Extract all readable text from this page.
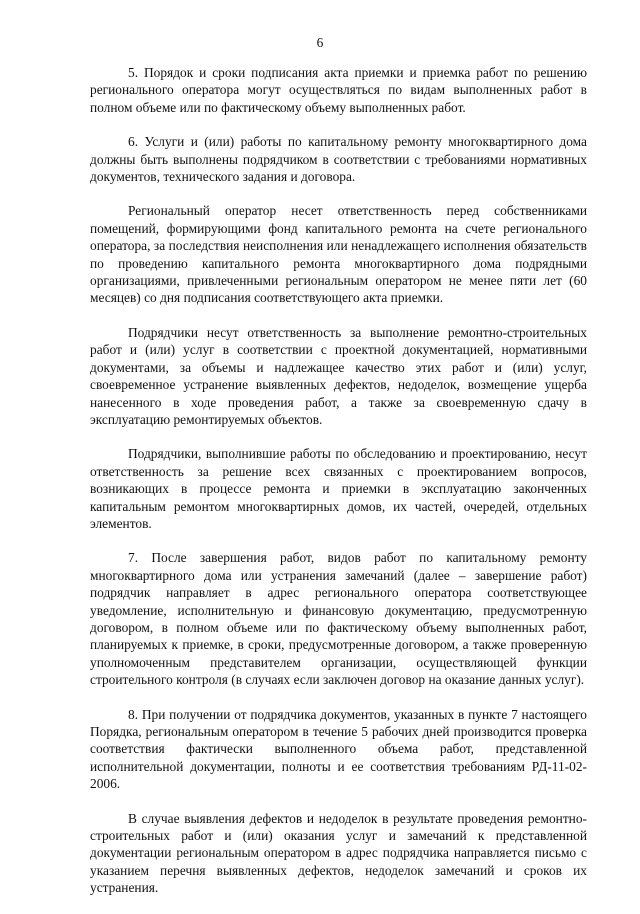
6

5. Порядок и сроки подписания акта приемки и приемка работ по решению регионального оператора могут осуществляться по видам выполненных работ в полном объеме или по фактическому объему выполненных работ.

6. Услуги и (или) работы по капитальному ремонту многоквартирного дома должны быть выполнены подрядчиком в соответствии с требованиями нормативных документов, технического задания и договора.

Региональный оператор несет ответственность перед собственниками помещений, формирующими фонд капитального ремонта на счете регионального оператора, за последствия неисполнения или ненадлежащего исполнения обязательств по проведению капитального ремонта многоквартирного дома подрядными организациями, привлеченными региональным оператором не менее пяти лет (60 месяцев) со дня подписания соответствующего акта приемки.

Подрядчики несут ответственность за выполнение ремонтно-строительных работ и (или) услуг в соответствии с проектной документацией, нормативными документами, за объемы и надлежащее качество этих работ и (или) услуг, своевременное устранение выявленных дефектов, недоделок, возмещение ущерба нанесенного в ходе проведения работ, а также за своевременную сдачу в эксплуатацию ремонтируемых объектов.

Подрядчики, выполнившие работы по обследованию и проектированию, несут ответственность за решение всех связанных с проектированием вопросов, возникающих в процессе ремонта и приемки в эксплуатацию законченных капитальным ремонтом многоквартирных домов, их частей, очередей, отдельных элементов.

7. После завершения работ, видов работ по капитальному ремонту многоквартирного дома или устранения замечаний (далее – завершение работ) подрядчик направляет в адрес регионального оператора соответствующее уведомление, исполнительную и финансовую документацию, предусмотренную договором, в полном объеме или по фактическому объему выполненных работ, планируемых к приемке, в сроки, предусмотренные договором, а также проверенную уполномоченным представителем организации, осуществляющей функции строительного контроля (в случаях если заключен договор на оказание данных услуг).

8. При получении от подрядчика документов, указанных в пункте 7 настоящего Порядка, региональным оператором в течение 5 рабочих дней производится проверка соответствия фактически выполненного объема работ, представленной исполнительной документации, полноты и ее соответствия требованиям РД-11-02-2006.

В случае выявления дефектов и недоделок в результате проведения ремонтно-строительных работ и (или) оказания услуг и замечаний к представленной документации региональным оператором в адрес подрядчика направляется письмо с указанием перечня выявленных дефектов, недоделок замечаний и сроков их устранения.
